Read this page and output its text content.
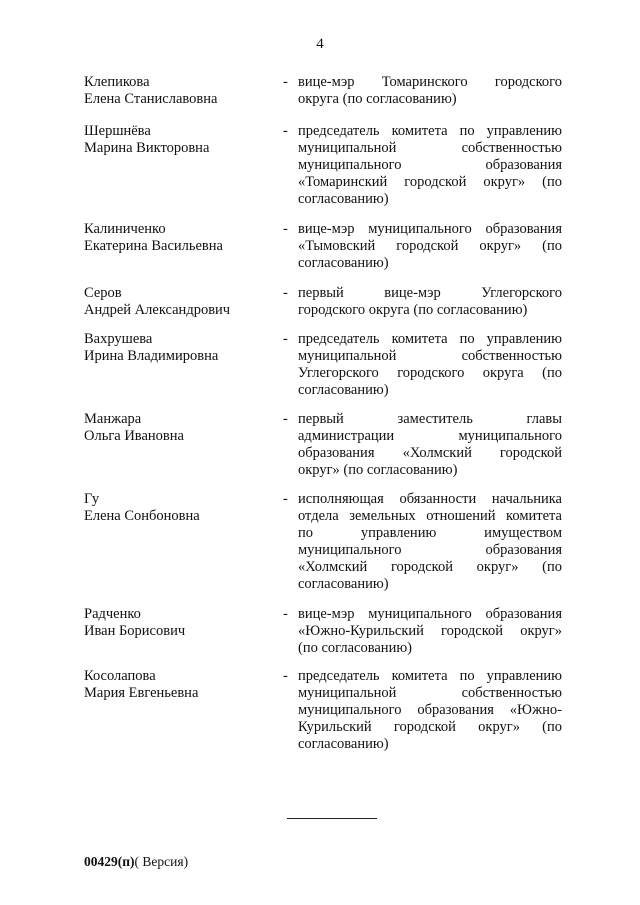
4
Клепикова
Елена Станиславовна
- вице-мэр Томаринского городского
округа (по согласованию)
Шершнёва
Марина Викторовна
- председатель комитета по управлению
муниципальной собственностью
муниципального образования
«Томаринский городской округ» (по
согласованию)
Калиниченко
Екатерина Васильевна
- вице-мэр муниципального образования
«Тымовский городской округ» (по
согласованию)
Серов
Андрей Александрович
- первый вице-мэр Углегорского
городского округа (по согласованию)
Вахрушева
Ирина Владимировна
- председатель комитета по управлению
муниципальной собственностью
Углегорского городского округа (по
согласованию)
Манжара
Ольга Ивановна
- первый заместитель главы
администрации муниципального
образования «Холмский городской
округ» (по согласованию)
Гу
Елена Сонбоновна
- исполняющая обязанности начальника
отдела земельных отношений комитета
по управлению имуществом
муниципального образования
«Холмский городской округ» (по
согласованию)
Радченко
Иван Борисович
- вице-мэр муниципального образования
«Южно-Курильский городской округ»
(по согласованию)
Косолапова
Мария Евгеньевна
- председатель комитета по управлению
муниципальной собственностью
муниципального образования «Южно-
Курильский городской округ» (по
согласованию)
00429(п)( Версия)
